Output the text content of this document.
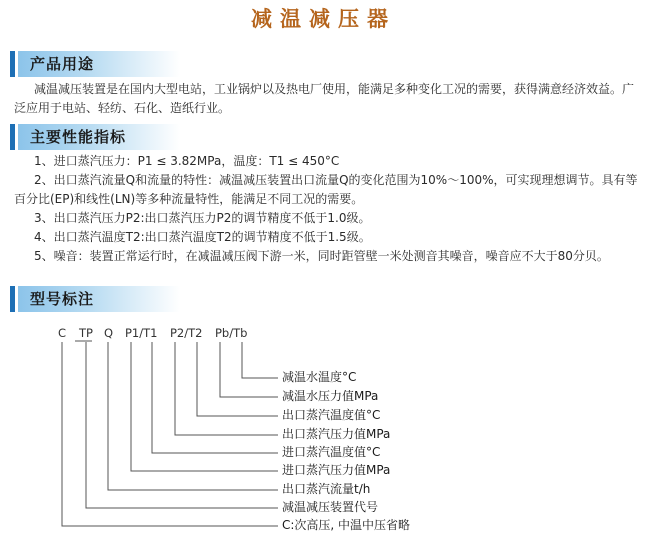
减温减压器
产品用途

减温减压装置是在国内大型电站，工业锅炉以及热电厂使用，能满足多种变化工况的需要，获得满意经济效益。广泛应用于电站、轻纺、石化、造纸行业。

主要性能指标

1、进口蒸汽压力：P1 ≤ 3.82MPa，温度：T1 ≤ 450°C

2、出口蒸汽流量Q和流量的特性：减温减压装置出口流量Q的变化范围为10%～100%，可实现理想调节。具有等百分比(EP)和线性(LN)等多种流量特性，能满足不同工况的需要。

3、出口蒸汽压力P2:出口蒸汽压力P2的调节精度不低于1.0级。

4、出口蒸汽温度T2:出口蒸汽温度T2的调节精度不低于1.5级。

5、噪音：装置正常运行时，在减温减压阀下游一米，同时距管壁一米处测音其噪音，噪音应不大于80分贝。

型号标注
C TP Q P1/T1 P2/T2 Pb/Tb
减温水温度°C
减温水压力值MPa
出口蒸汽温度值°C
出口蒸汽压力值MPa
进口蒸汽温度值°C
进口蒸汽压力值MPa
出口蒸汽流量t/h
减温减压装置代号
C:次高压, 中温中压省略
